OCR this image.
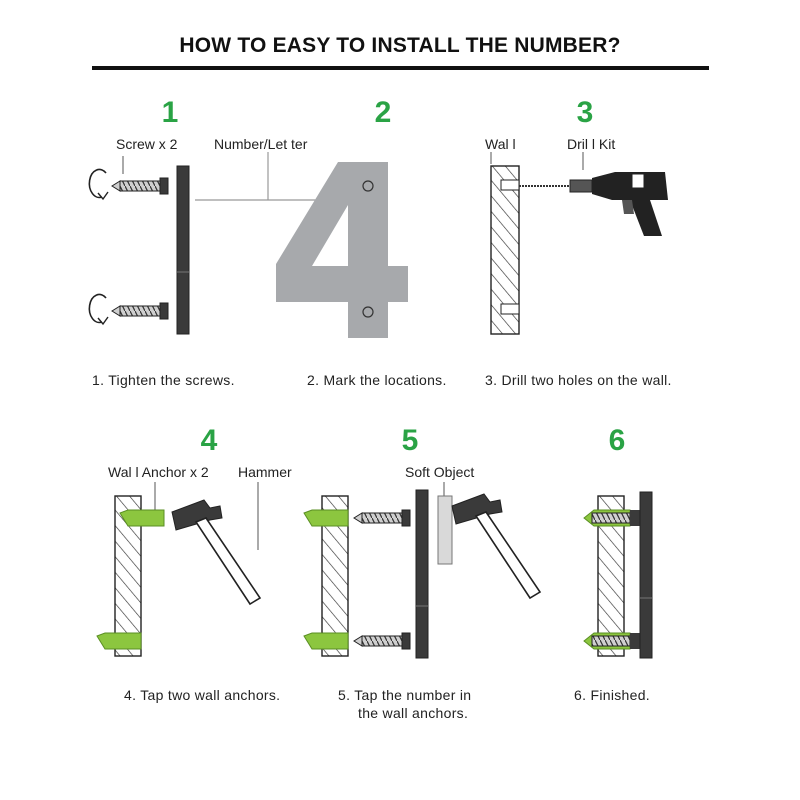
HOW TO EASY TO INSTALL THE NUMBER?
1	2	3
4	5	6
Screw x 2	Number/Let ter	Wal l	Dril l Kit
Wal l Anchor x 2 Hammer	Soft Object
1. Tighten the screws.	2. Mark the locations.	3. Drill two holes on the wall.
4. Tap two wall anchors.	5. Tap the number in
the wall anchors.
6. Finished.
